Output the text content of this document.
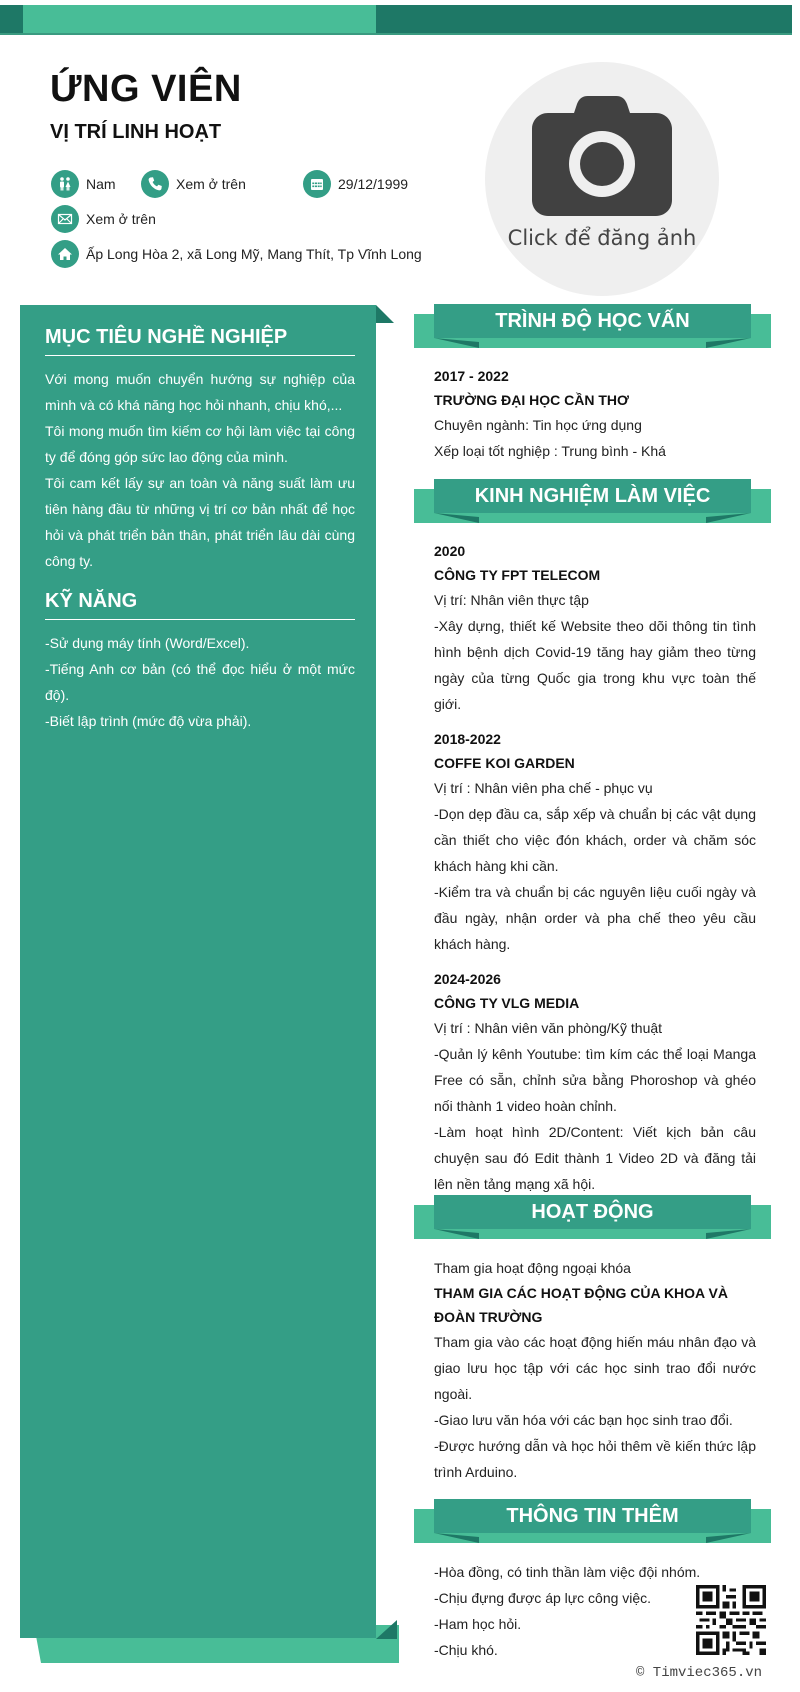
ỨNG VIÊN
VỊ TRÍ LINH HOẠT
Nam	Xem ở trên	29/12/1999
Xem ở trên
Ấp Long Hòa 2, xã Long Mỹ, Mang Thít, Tp Vĩnh Long
Click để đăng ảnh
MỤC TIÊU NGHỀ NGHIỆP

Với mong muốn chuyển hướng sự nghiệp của mình và có khá năng học hỏi nhanh, chịu khó,...

Tôi mong muốn tìm kiếm cơ hội làm việc tại công ty để đóng góp sức lao động của mình.

Tôi cam kết lấy sự an toàn và năng suất làm ưu tiên hàng đầu từ những vị trí cơ bản nhất để học hỏi và phát triển bản thân, phát triển lâu dài cùng công ty.

KỸ NĂNG

-Sử dụng máy tính (Word/Excel).

-Tiếng Anh cơ bản (có thể đọc hiểu ở một mức độ).

-Biết lập trình (mức độ vừa phải).

TRÌNH ĐỘ HỌC VẤN
2017 - 2022
TRƯỜNG ĐẠI HỌC CẦN THƠ
Chuyên ngành: Tin học ứng dụng
Xếp loại tốt nghiệp : Trung bình - Khá
KINH NGHIỆM LÀM VIỆC
2020
CÔNG TY FPT TELECOM
Vị trí: Nhân viên thực tập
-Xây dựng, thiết kế Website theo dõi thông tin tình hình bệnh dịch Covid-19 tăng hay giảm theo từng ngày của từng Quốc gia trong khu vực toàn thế giới.
2018-2022
COFFE KOI GARDEN
Vị trí : Nhân viên pha chế - phục vụ
-Dọn dẹp đầu ca, sắp xếp và chuẩn bị các vật dụng cần thiết cho việc đón khách, order và chăm sóc khách hàng khi cần.
-Kiểm tra và chuẩn bị các nguyên liệu cuối ngày và đầu ngày, nhận order và pha chế theo yêu cầu khách hàng.
2024-2026
CÔNG TY VLG MEDIA
Vị trí : Nhân viên văn phòng/Kỹ thuật
-Quản lý kênh Youtube: tìm kím các thể loại Manga Free có sẵn, chỉnh sửa bằng Phoroshop và ghéo nối thành 1 video hoàn chỉnh.
-Làm hoạt hình 2D/Content: Viết kịch bản câu chuyện sau đó Edit thành 1 Video 2D và đăng tải lên nền tảng mạng xã hội.
HOẠT ĐỘNG
Tham gia hoạt động ngoại khóa
THAM GIA CÁC HOẠT ĐỘNG CỦA KHOA VÀ ĐOÀN TRƯỜNG
Tham gia vào các hoạt động hiến máu nhân đạo và giao lưu học tập với các học sinh trao đổi nước ngoài.
-Giao lưu văn hóa với các bạn học sinh trao đổi.
-Được hướng dẫn và học hỏi thêm về kiến thức lập trình Arduino.
THÔNG TIN THÊM
-Hòa đồng, có tinh thần làm việc đội nhóm.
-Chịu đựng được áp lực công việc.
-Ham học hỏi.
-Chịu khó.
© Timviec365.vn
